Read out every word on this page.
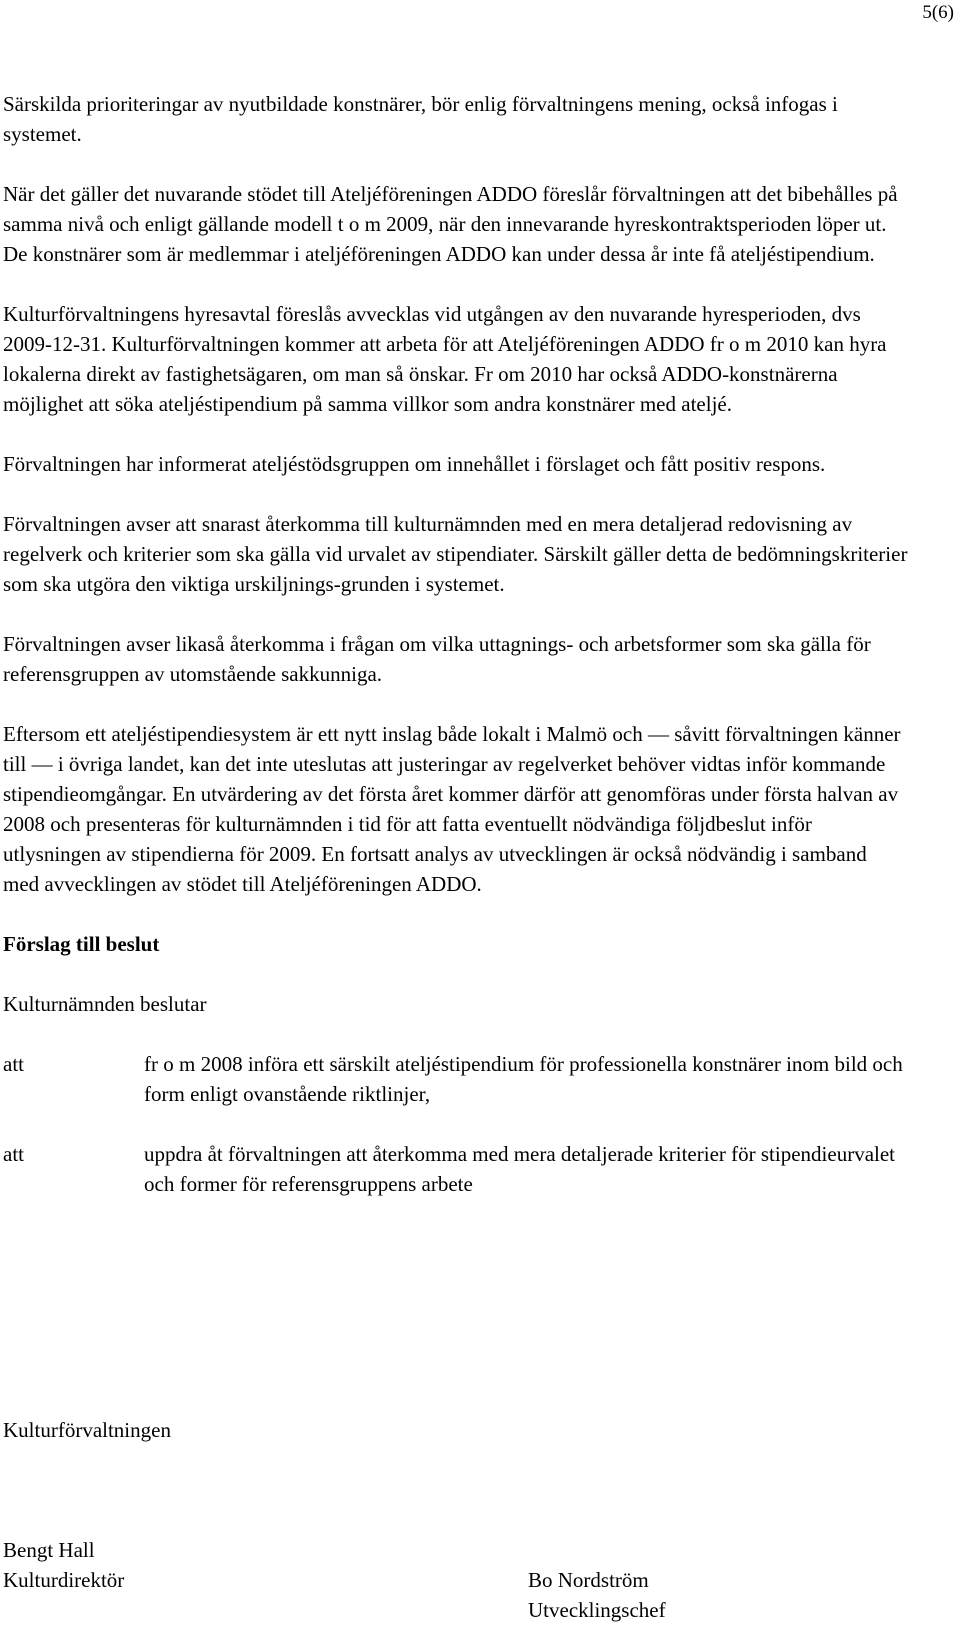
5(6)

Särskilda prioriteringar av nyutbildade konstnärer, bör enlig förvaltningens mening, också infogas i systemet.

När det gäller det nuvarande stödet till Ateljéföreningen ADDO föreslår förvaltningen att det bibehålles på samma nivå och enligt gällande modell t o m 2009, när den innevarande hyreskontraktsperioden löper ut. De konstnärer som är medlemmar i ateljéföreningen ADDO kan under dessa år inte få ateljéstipendium.

Kulturförvaltningens hyresavtal föreslås avvecklas vid utgången av den nuvarande hyresperioden, dvs 2009-12-31. Kulturförvaltningen kommer att arbeta för att Ateljéföreningen ADDO fr o m 2010 kan hyra lokalerna direkt av fastighetsägaren, om man så önskar. Fr om 2010 har också ADDO-konstnärerna möjlighet att söka ateljéstipendium på samma villkor som andra konstnärer med ateljé.

Förvaltningen har informerat ateljéstödsgruppen om innehållet i förslaget och fått positiv respons.

Förvaltningen avser att snarast återkomma till kulturnämnden med en mera detaljerad redovisning av regelverk och kriterier som ska gälla vid urvalet av stipendiater. Särskilt gäller detta de bedömningskriterier som ska utgöra den viktiga urskiljnings-grunden i systemet.

Förvaltningen avser likaså återkomma i frågan om vilka uttagnings- och arbetsformer som ska gälla för referensgruppen av utomstående sakkunniga.

Eftersom ett ateljéstipendiesystem är ett nytt inslag både lokalt i Malmö och — såvitt förvaltningen känner till — i övriga landet, kan det inte uteslutas att justeringar av regelverket behöver vidtas inför kommande stipendieomgångar. En utvärdering av det första året kommer därför att genomföras under första halvan av 2008 och presenteras för kulturnämnden i tid för att fatta eventuellt nödvändiga följdbeslut inför utlysningen av stipendierna för 2009. En fortsatt analys av utvecklingen är också nödvändig i samband med avvecklingen av stödet till Ateljéföreningen ADDO.

Förslag till beslut

Kulturnämnden beslutar

att	fr o m 2008 införa ett särskilt ateljéstipendium för professionella konstnärer inom bild och form enligt ovanstående riktlinjer,
att	uppdra åt förvaltningen att återkomma med mera detaljerade kriterier för stipendieurvalet och former för referensgruppens arbete
Kulturförvaltningen
Bengt Hall
Kulturdirektör	Bo Nordström
Utvecklingschef
